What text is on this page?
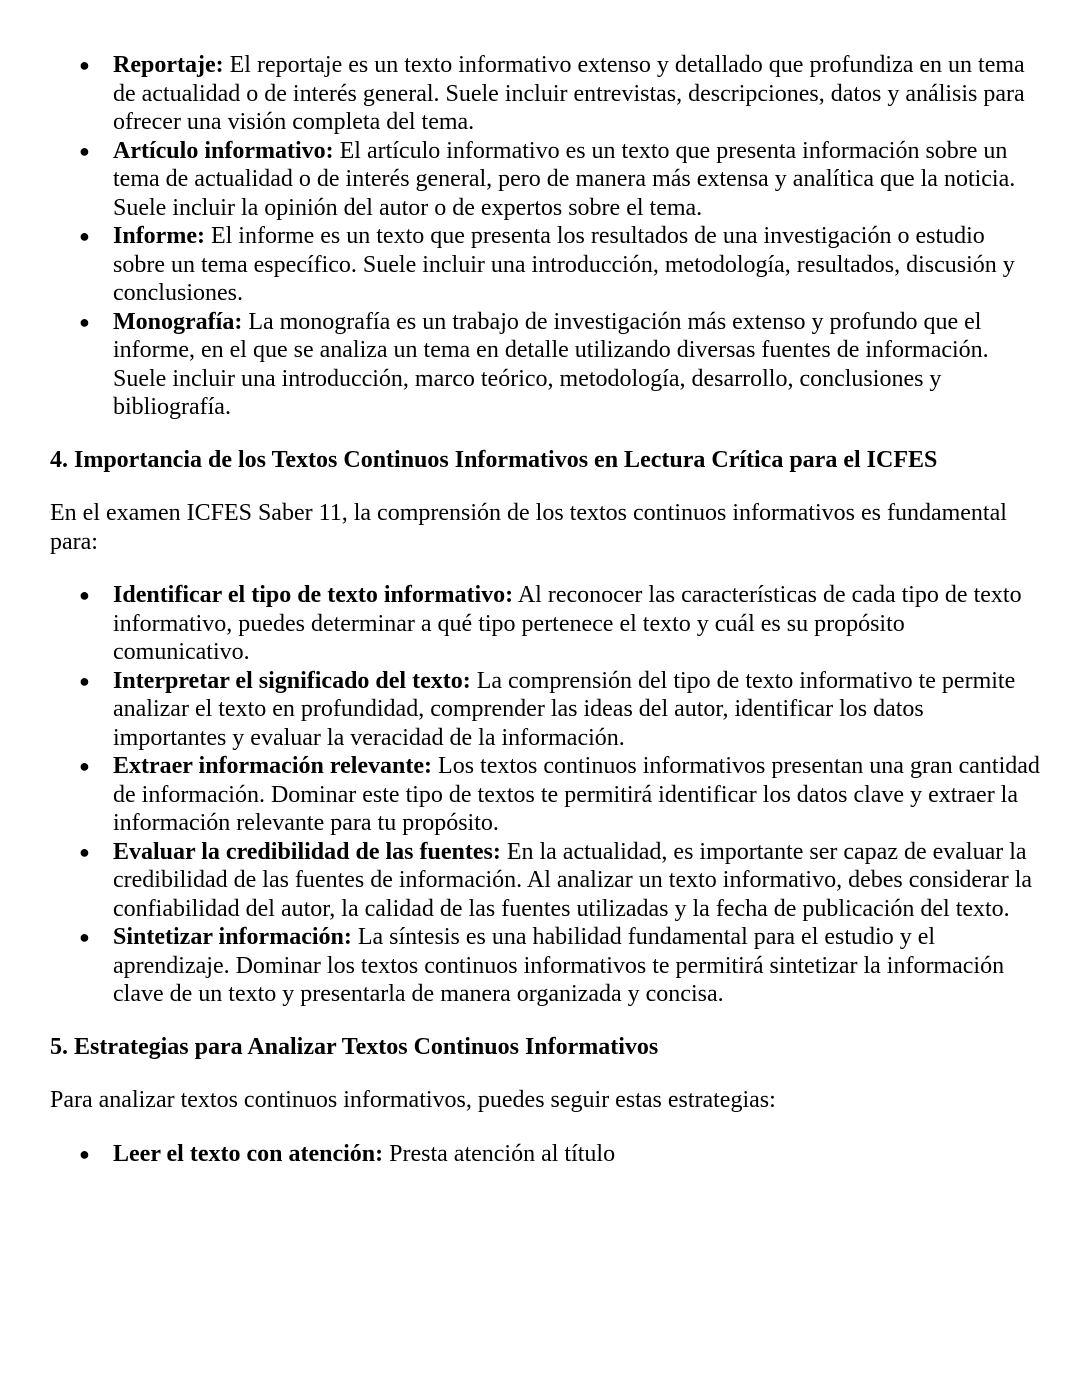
● Reportaje: El reportaje es un texto informativo extenso y detallado que profundiza en un tema de actualidad o de interés general. Suele incluir entrevistas, descripciones, datos y análisis para ofrecer una visión completa del tema.
● Artículo informativo: El artículo informativo es un texto que presenta información sobre un tema de actualidad o de interés general, pero de manera más extensa y analítica que la noticia. Suele incluir la opinión del autor o de expertos sobre el tema.
● Informe: El informe es un texto que presenta los resultados de una investigación o estudio sobre un tema específico. Suele incluir una introducción, metodología, resultados, discusión y conclusiones.
● Monografía: La monografía es un trabajo de investigación más extenso y profundo que el informe, en el que se analiza un tema en detalle utilizando diversas fuentes de información. Suele incluir una introducción, marco teórico, metodología, desarrollo, conclusiones y bibliografía.
4. Importancia de los Textos Continuos Informativos en Lectura Crítica para el ICFES

En el examen ICFES Saber 11, la comprensión de los textos continuos informativos es fundamental para:

● Identificar el tipo de texto informativo: Al reconocer las características de cada tipo de texto informativo, puedes determinar a qué tipo pertenece el texto y cuál es su propósito comunicativo.
● Interpretar el significado del texto: La comprensión del tipo de texto informativo te permite analizar el texto en profundidad, comprender las ideas del autor, identificar los datos importantes y evaluar la veracidad de la información.
● Extraer información relevante: Los textos continuos informativos presentan una gran cantidad de información. Dominar este tipo de textos te permitirá identificar los datos clave y extraer la información relevante para tu propósito.
● Evaluar la credibilidad de las fuentes: En la actualidad, es importante ser capaz de evaluar la credibilidad de las fuentes de información. Al analizar un texto informativo, debes considerar la confiabilidad del autor, la calidad de las fuentes utilizadas y la fecha de publicación del texto.
● Sintetizar información: La síntesis es una habilidad fundamental para el estudio y el aprendizaje. Dominar los textos continuos informativos te permitirá sintetizar la información clave de un texto y presentarla de manera organizada y concisa.
5. Estrategias para Analizar Textos Continuos Informativos

Para analizar textos continuos informativos, puedes seguir estas estrategias:

● Leer el texto con atención: Presta atención al título
